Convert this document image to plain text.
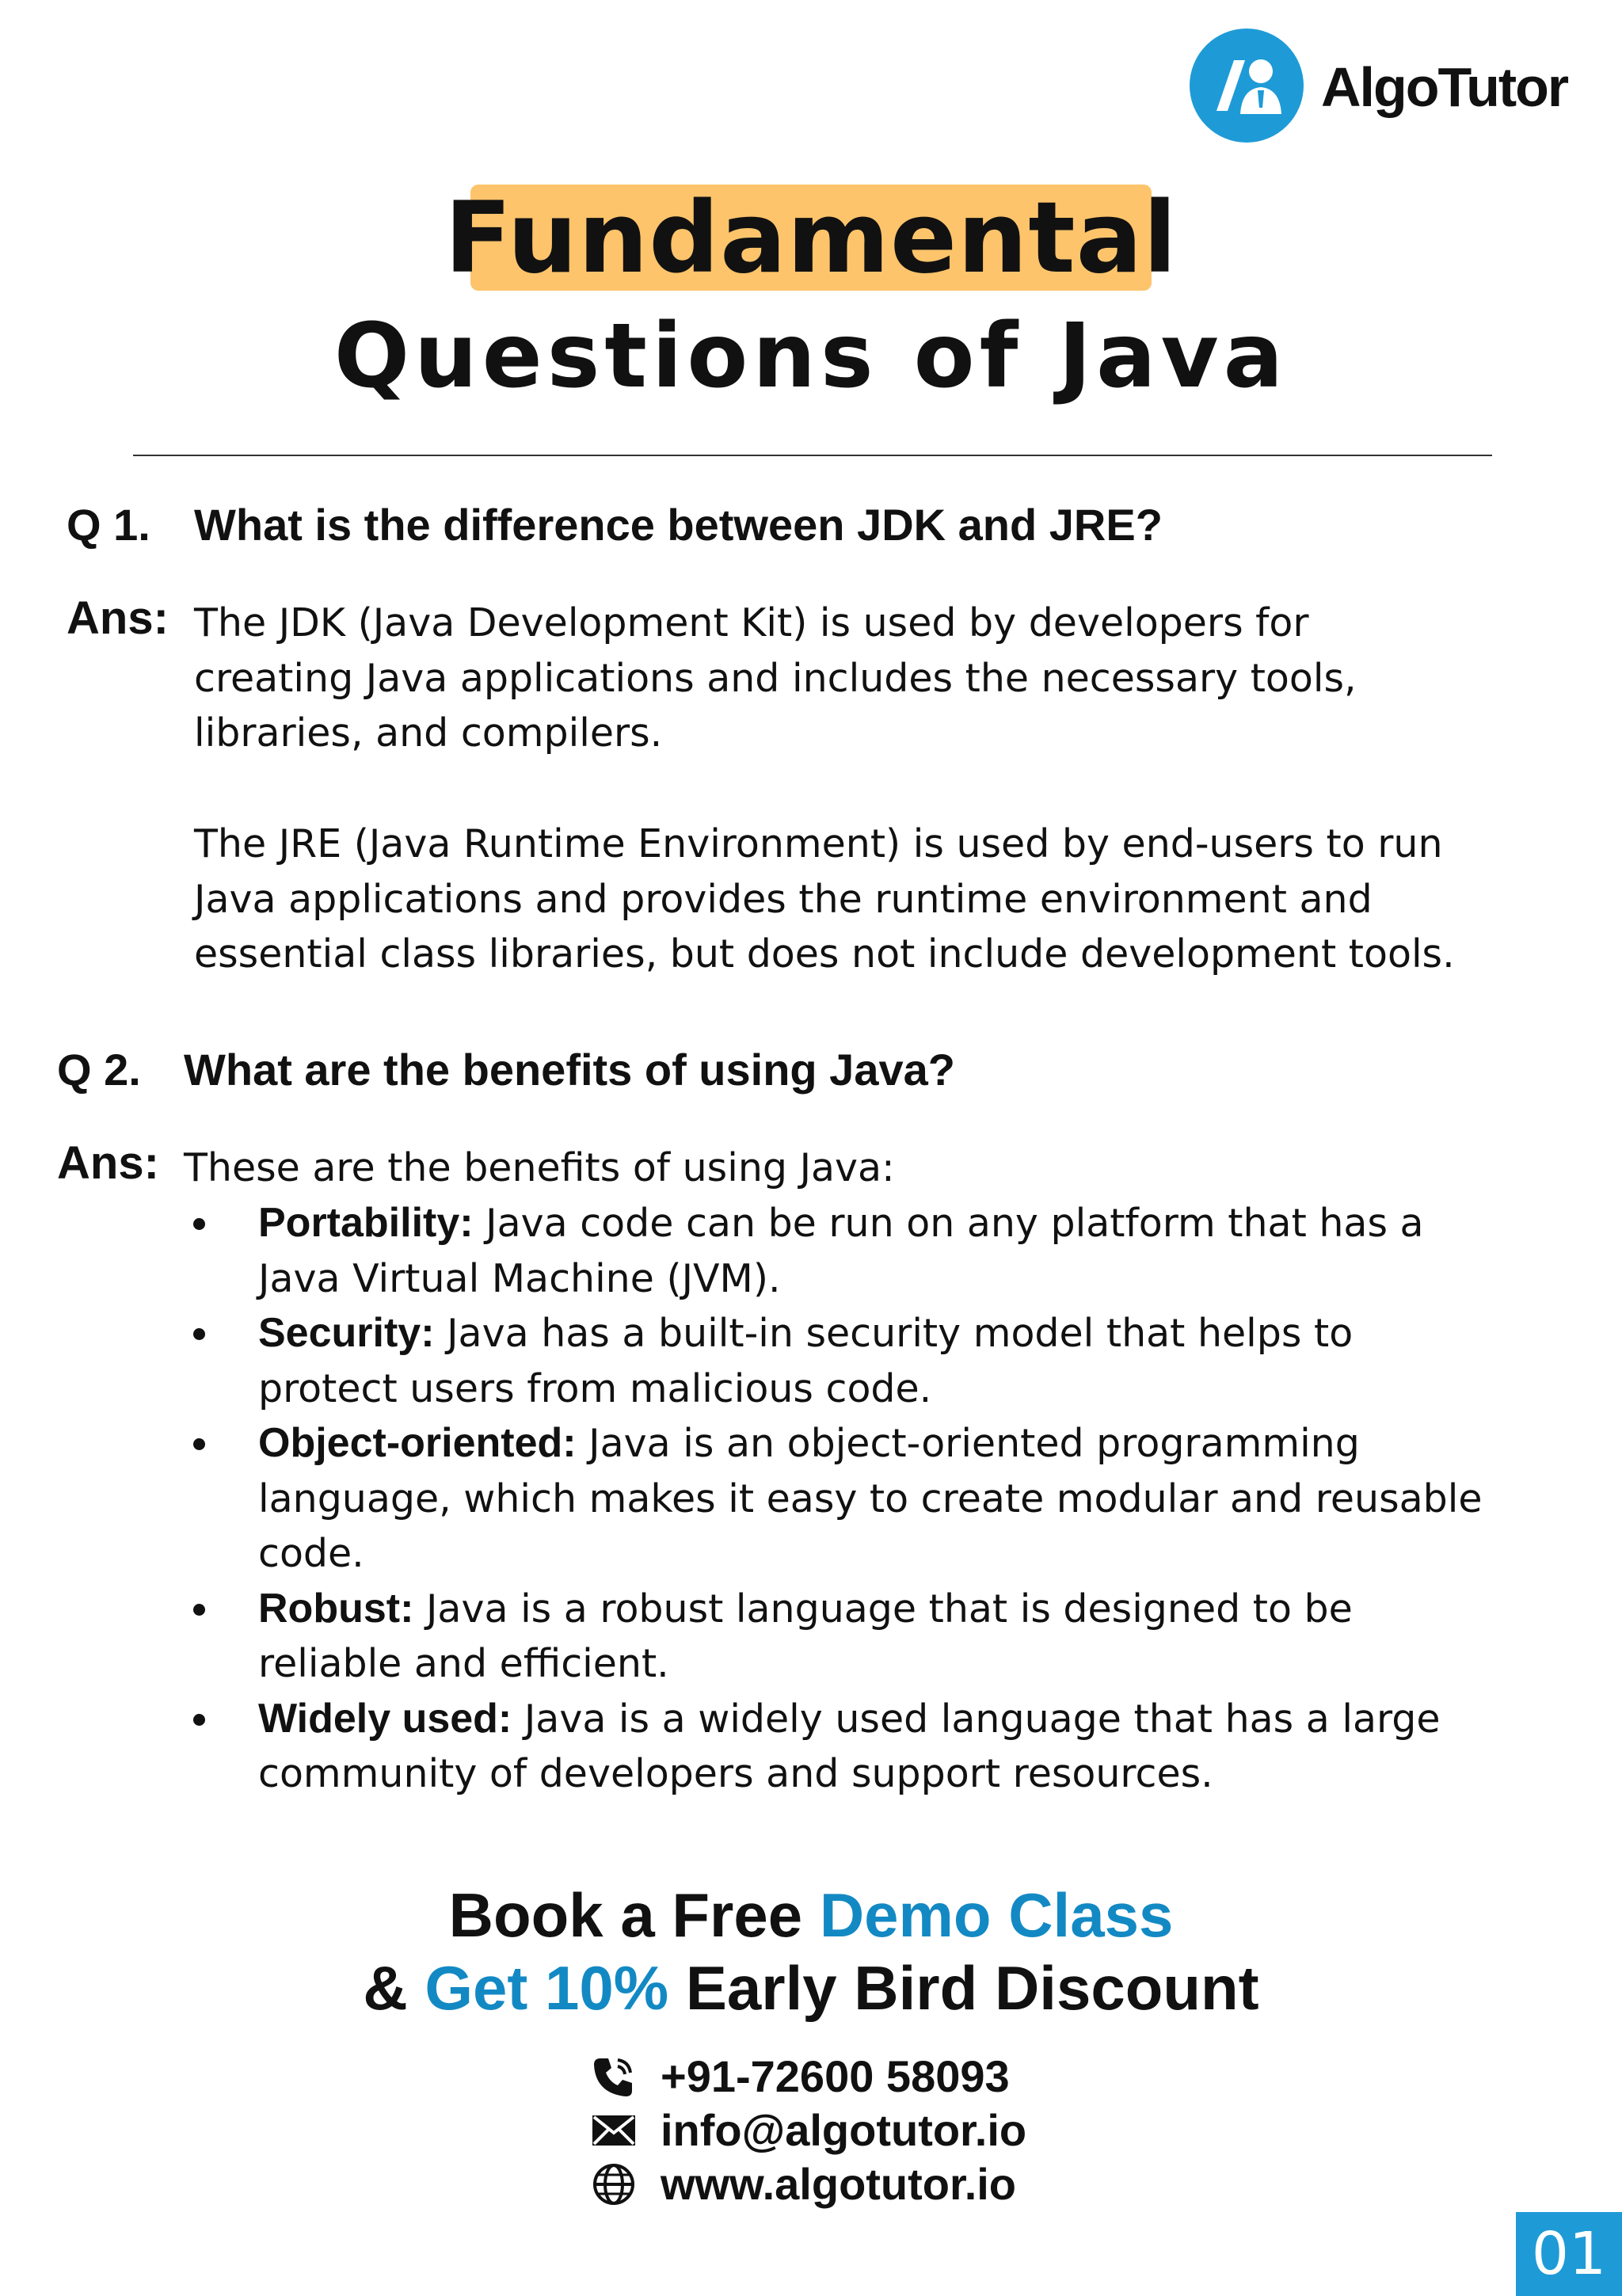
AlgoTutor
Fundamental
Questions of Java
Q 1. What is the difference between JDK and JRE?
Ans: The JDK (Java Development Kit) is used by developers for
creating Java applications and includes the necessary tools,
libraries, and compilers.
The JRE (Java Runtime Environment) is used by end-users to run
Java applications and provides the runtime environment and
essential class libraries, but does not include development tools.
Q 2. What are the benefits of using Java?
Ans: These are the benefits of using Java:
Portability: Java code can be run on any platform that has a
Java Virtual Machine (JVM).
Security: Java has a built-in security model that helps to
protect users from malicious code.
Object-oriented: Java is an object-oriented programming
language, which makes it easy to create modular and reusable
code.
Robust: Java is a robust language that is designed to be
reliable and efficient.
Widely used: Java is a widely used language that has a large
community of developers and support resources.
Book a Free Demo Class
& Get 10% Early Bird Discount
+91-72600 58093
info@algotutor.io
www.algotutor.io
01
